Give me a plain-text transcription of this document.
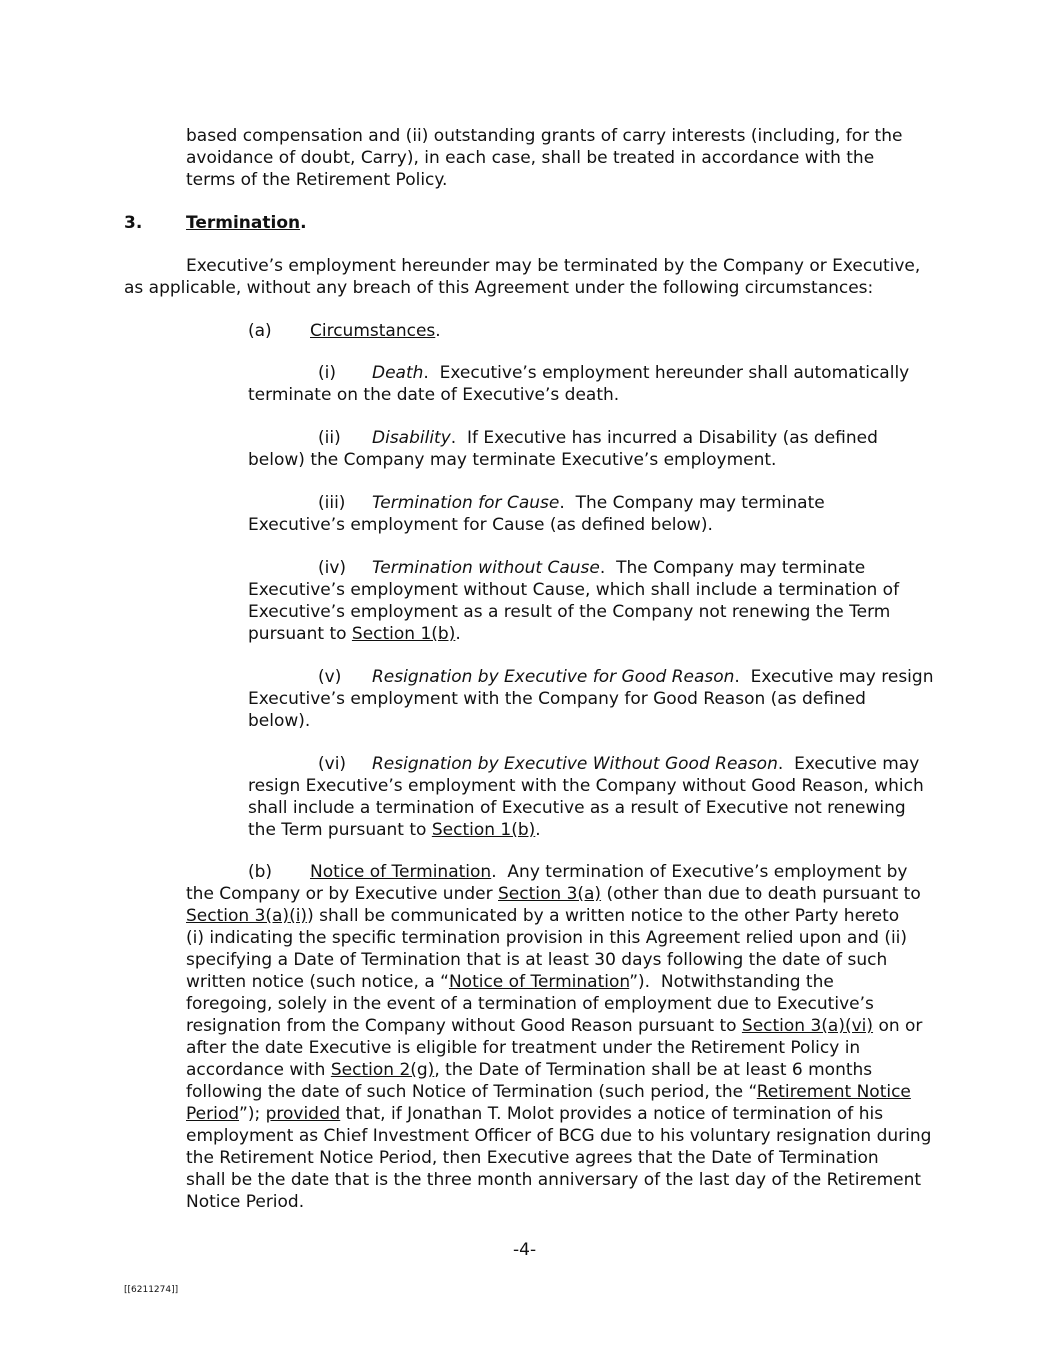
based compensation and (ii) outstanding grants of carry interests (including, for the
avoidance of doubt, Carry), in each case, shall be treated in accordance with the
terms of the Retirement Policy.
3.	Termination.
Executive’s employment hereunder may be terminated by the Company or Executive,
as applicable, without any breach of this Agreement under the following circumstances:
(a) Circumstances.
(i) Death.  Executive’s employment hereunder shall automatically
terminate on the date of Executive’s death.
(ii) Disability.  If Executive has incurred a Disability (as defined
below) the Company may terminate Executive’s employment.
(iii) Termination for Cause.  The Company may terminate
Executive’s employment for Cause (as defined below).
(iv) Termination without Cause.  The Company may terminate
Executive’s employment without Cause, which shall include a termination of
Executive’s employment as a result of the Company not renewing the Term
pursuant to Section 1(b).
(v) Resignation by Executive for Good Reason.  Executive may resign
Executive’s employment with the Company for Good Reason (as defined
below).
(vi) Resignation by Executive Without Good Reason.  Executive may
resign Executive’s employment with the Company without Good Reason, which
shall include a termination of Executive as a result of Executive not renewing
the Term pursuant to Section 1(b).
(b) Notice of Termination.  Any termination of Executive’s employment by
the Company or by Executive under Section 3(a) (other than due to death pursuant to
Section 3(a)(i)) shall be communicated by a written notice to the other Party hereto
(i) indicating the specific termination provision in this Agreement relied upon and (ii)
specifying a Date of Termination that is at least 30 days following the date of such
written notice (such notice, a “Notice of Termination”).  Notwithstanding the
foregoing, solely in the event of a termination of employment due to Executive’s
resignation from the Company without Good Reason pursuant to Section 3(a)(vi) on or
after the date Executive is eligible for treatment under the Retirement Policy in
accordance with Section 2(g), the Date of Termination shall be at least 6 months
following the date of such Notice of Termination (such period, the “Retirement Notice
Period”); provided that, if Jonathan T. Molot provides a notice of termination of his
employment as Chief Investment Officer of BCG due to his voluntary resignation during
the Retirement Notice Period, then Executive agrees that the Date of Termination
shall be the date that is the three month anniversary of the last day of the Retirement
Notice Period.
-4-
[[6211274]]
